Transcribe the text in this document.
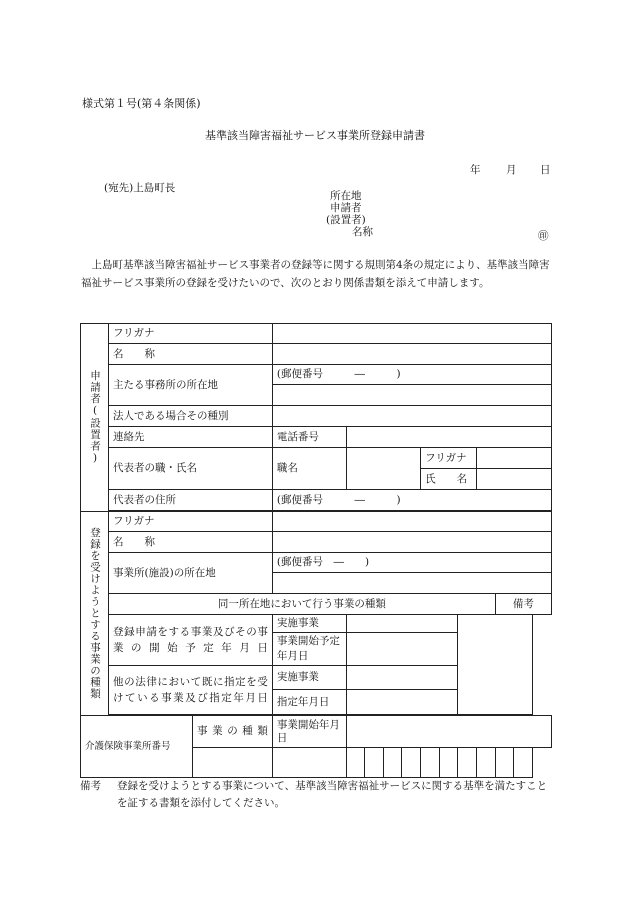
様式第１号(第４条関係)
基準該当障害福祉サービス事業所登録申請書
年 月 日
(宛先)上島町長
所在地
申請者
(設置者)
名称	㊞
上島町基準該当障害福祉サービス事業者の登録等に関する規則第4条の規定により、基準該当障害福祉サービス事業所の登録を受けたいので、次のとおり関係書類を添えて申請します。
申請者(設置者)	フリガナ												
	名　　称												
	主たる事務所の所在地		(郵便番号　　　―　　　)										

	法人である場合その種別												
	連絡先		電話番号										
	代表者の職・氏名		職名					フリガナ					
								氏　　名					
	代表者の住所		(郵便番号　　　―　　　)										

登録を受けようとする事業の種類	フリガナ												
	名　　称												
	事業所(施設)の所在地		(郵便番号　―　　)										

	同一所在地において行う事業の種類											備考	
	登録申請をする事業及びその事業の開始予定年月日		実施事業										
			事業開始予定年月日										
	他の法律において既に指定を受けている事業及び指定年月日		実施事業										
			指定年月日										

介護保険事業所番号		事業の種類	事業開始年月日										

備考 登録を受けようとする事業について、基準該当障害福祉サービスに関する基準を満たすことを証する書類を添付してください。
